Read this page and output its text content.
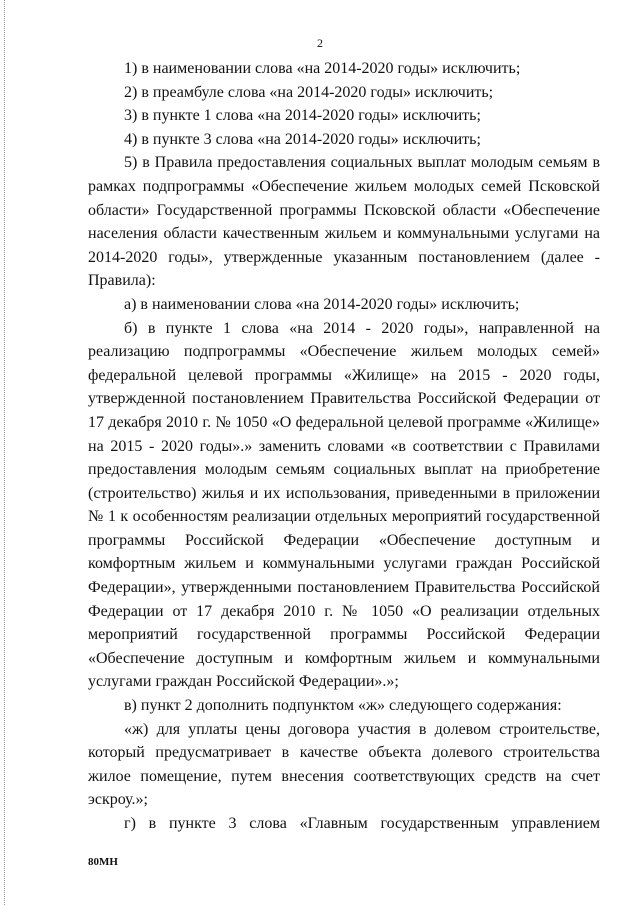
2

1) в наименовании слова «на 2014-2020 годы» исключить;

2) в преамбуле слова «на 2014-2020 годы» исключить;

3) в пункте 1 слова «на 2014-2020 годы» исключить;

4) в пункте 3 слова «на 2014-2020 годы» исключить;

5) в Правила предоставления социальных выплат молодым семьям в рамках подпрограммы «Обеспечение жильем молодых семей Псковской области» Государственной программы Псковской области «Обеспечение населения области качественным жильем и коммунальными услугами на 2014-2020 годы», утвержденные указанным постановлением (далее - Правила):

а) в наименовании слова «на 2014-2020 годы» исключить;

б) в пункте 1 слова «на 2014 - 2020 годы», направленной на реализацию подпрограммы «Обеспечение жильем молодых семей» федеральной целевой программы «Жилище» на 2015 - 2020 годы, утвержденной постановлением Правительства Российской Федерации от 17 декабря 2010 г. № 1050 «О федеральной целевой программе «Жилище» на 2015 - 2020 годы».» заменить словами «в соответствии с Правилами предоставления молодым семьям социальных выплат на приобретение (строительство) жилья и их использования, приведенными в приложении № 1 к особенностям реализации отдельных мероприятий государственной программы Российской Федерации «Обеспечение доступным и комфортным жильем и коммунальными услугами граждан Российской Федерации», утвержденными постановлением Правительства Российской Федерации от 17 декабря 2010 г. № 1050 «О реализации отдельных мероприятий государственной программы Российской Федерации «Обеспечение доступным и комфортным жильем и коммунальными услугами граждан Российской Федерации».»;

в) пункт 2 дополнить подпунктом «ж» следующего содержания:

«ж) для уплаты цены договора участия в долевом строительстве, который предусматривает в качестве объекта долевого строительства жилое помещение, путем внесения соответствующих средств на счет эскроу.»;

г) в пункте 3 слова «Главным государственным управлением

80МН
